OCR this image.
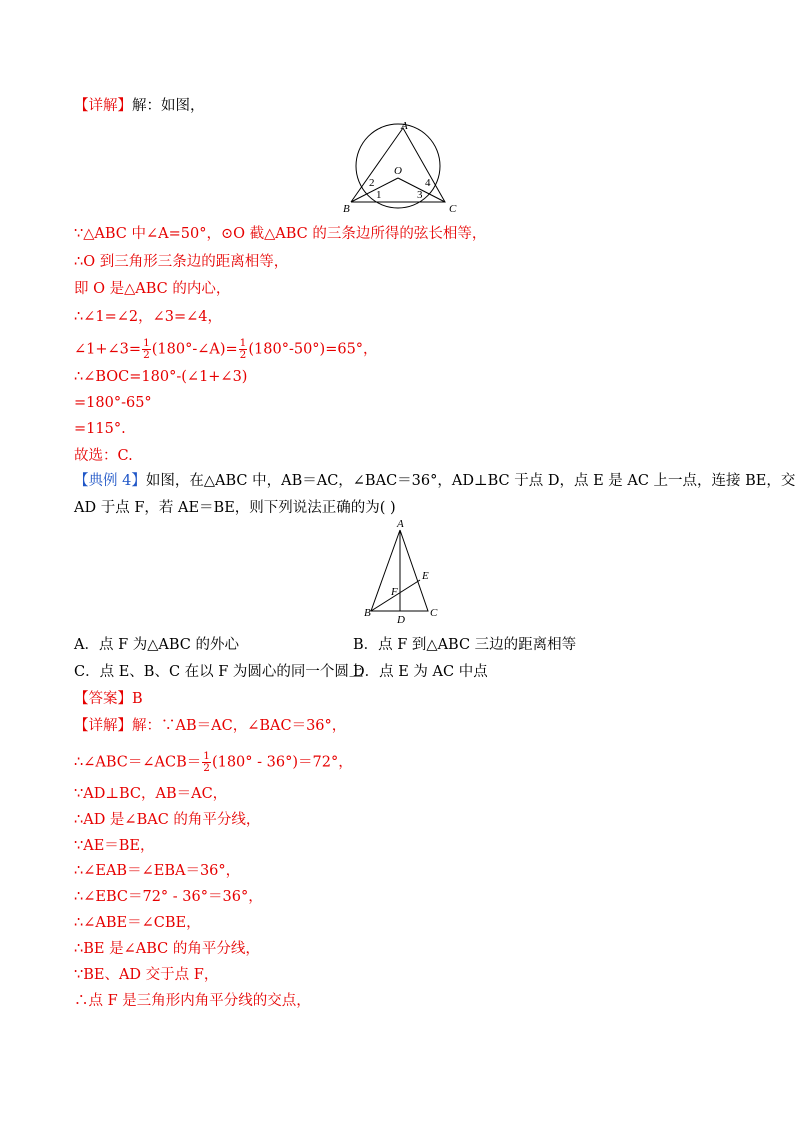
【详解】解：如图，
A
O
B	C
2
1	3
4
∵△ABC 中∠A=50°，⊙O 截△ABC 的三条边所得的弦长相等，
∴O 到三角形三条边的距离相等，
即 O 是△ABC 的内心，
∴∠1=∠2，∠3=∠4，
∠1+∠3= $\frac{1}{2}$ (180°-∠A)= $\frac{1}{2} (180^\circ-50^\circ)=65^\circ$，
∴∠BOC=180°-(∠1+∠3)
=180°-65°
=115°.
故选：C.
【典例 4】如图，在△ABC 中，AB＝AC，∠BAC＝36°，AD⊥BC 于点 D，点 E 是 AC 上一点，连接 BE，交
AD 于点 F，若 AE＝BE，则下列说法正确的为( )
A
B	C
D
E
F
A．点 F 为△ABC 的外心	B．点 F 到△ABC 三边的距离相等
C．点 E、B、C 在以 F 为圆心的同一个圆上
D．点 E 为 AC 中点
【答案】B
【详解】解：∵AB＝AC，∠BAC＝36°，
∴∠ABC＝∠ACB＝ $\frac{1}{2} (180^\circ - 36^\circ)=72^\circ$，
∵AD⊥BC，AB＝AC，
∴AD 是∠BAC 的角平分线，
∵AE＝BE，
∴∠EAB＝∠EBA＝36°，
∴∠EBC＝72° - 36°＝36°，
∴∠ABE＝∠CBE，
∴BE 是∠ABC 的角平分线，
∵BE、AD 交于点 F，
∴点 F 是三角形内角平分线的交点，
